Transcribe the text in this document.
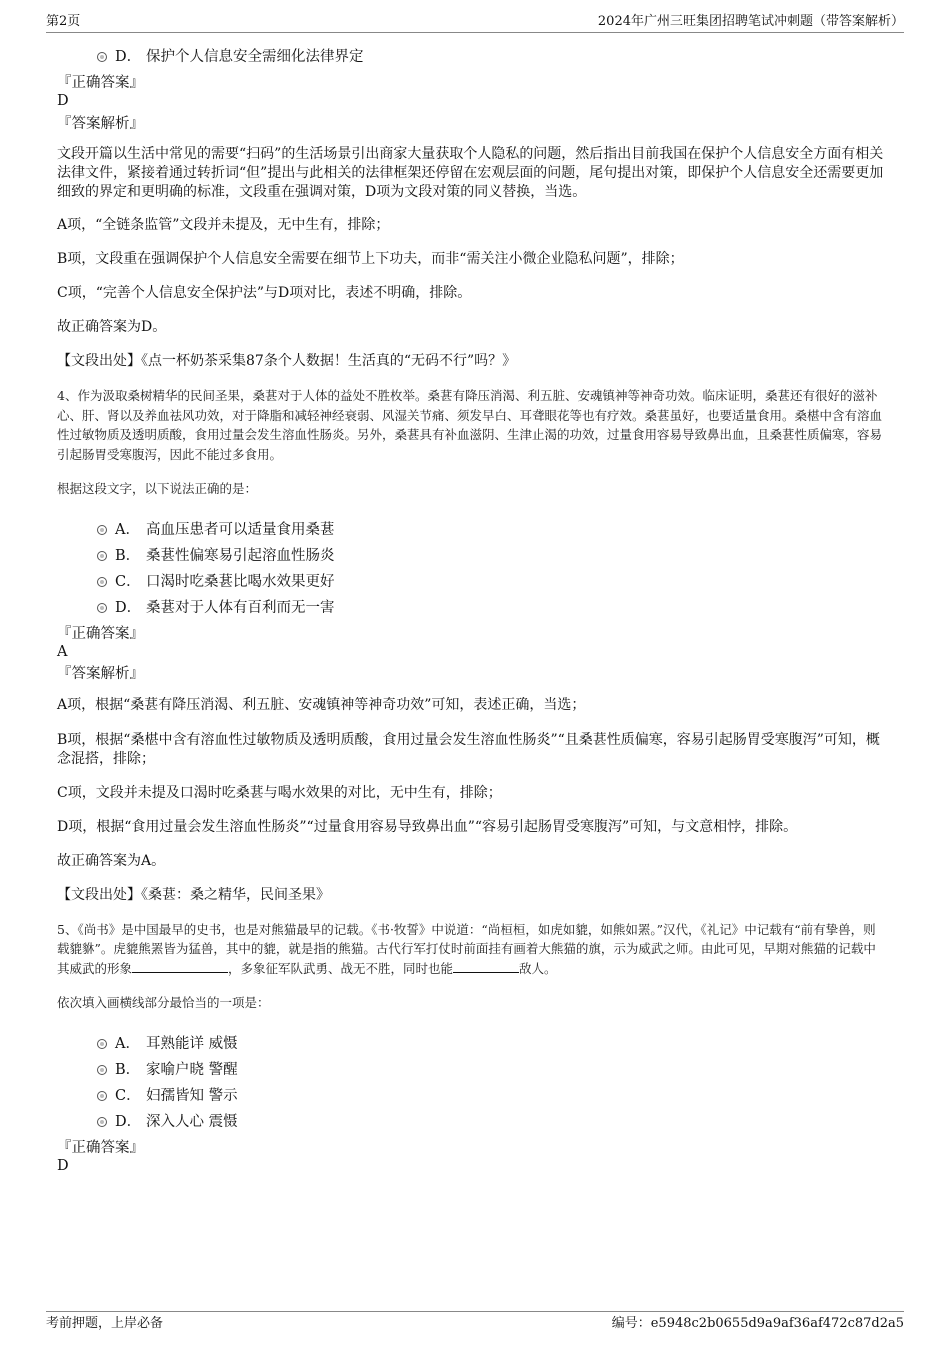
第2页	2024年广州三旺集团招聘笔试冲刺题（带答案解析）
D． 保护个人信息安全需细化法律界定

『正确答案』

D

『答案解析』

文段开篇以生活中常见的需要“扫码”的生活场景引出商家大量获取个人隐私的问题，然后指出目前我国在保护个人信息安全方面有相关法律文件，紧接着通过转折词“但”提出与此相关的法律框架还停留在宏观层面的问题，尾句提出对策，即保护个人信息安全还需要更加细致的界定和更明确的标准，文段重在强调对策，D项为文段对策的同义替换，当选。

A项，“全链条监管”文段并未提及，无中生有，排除；

B项，文段重在强调保护个人信息安全需要在细节上下功夫，而非“需关注小微企业隐私问题”，排除；

C项，“完善个人信息安全保护法”与D项对比，表述不明确，排除。

故正确答案为D。

【文段出处】《点一杯奶茶采集87条个人数据！生活真的“无码不行”吗？》

4、作为汲取桑树精华的民间圣果，桑葚对于人体的益处不胜枚举。桑葚有降压消渴、利五脏、安魂镇神等神奇功效。临床证明，桑葚还有很好的滋补心、肝、肾以及养血祛风功效，对于降脂和减轻神经衰弱、风湿关节痛、须发早白、耳聋眼花等也有疗效。桑葚虽好，也要适量食用。桑椹中含有溶血性过敏物质及透明质酸，食用过量会发生溶血性肠炎。另外，桑葚具有补血滋阴、生津止渴的功效，过量食用容易导致鼻出血，且桑葚性质偏寒，容易引起肠胃受寒腹泻，因此不能过多食用。

根据这段文字，以下说法正确的是：

A． 高血压患者可以适量食用桑葚
B． 桑葚性偏寒易引起溶血性肠炎
C． 口渴时吃桑葚比喝水效果更好
D． 桑葚对于人体有百利而无一害

『正确答案』

A

『答案解析』

A项，根据“桑葚有降压消渴、利五脏、安魂镇神等神奇功效”可知，表述正确，当选；

B项，根据“桑椹中含有溶血性过敏物质及透明质酸，食用过量会发生溶血性肠炎”“且桑葚性质偏寒，容易引起肠胃受寒腹泻”可知，概念混搭，排除；

C项，文段并未提及口渴时吃桑葚与喝水效果的对比，无中生有，排除；

D项，根据“食用过量会发生溶血性肠炎”“过量食用容易导致鼻出血”“容易引起肠胃受寒腹泻”可知，与文意相悖，排除。

故正确答案为A。

【文段出处】《桑葚：桑之精华，民间圣果》

5、《尚书》是中国最早的史书，也是对熊猫最早的记载。《书·牧誓》中说道：“尚桓桓，如虎如貔，如熊如罴。”汉代，《礼记》中记载有“前有挚兽，则载貔貅”。虎貔熊罴皆为猛兽，其中的貔，就是指的熊猫。古代行军打仗时前面挂有画着大熊猫的旗，示为威武之师。由此可见，早期对熊猫的记载中其威武的形象	，多象征军队武勇、战无不胜，同时也能	敌人。

依次填入画横线部分最恰当的一项是：

A． 耳熟能详 威慑
B． 家喻户晓 警醒
C． 妇孺皆知 警示
D． 深入人心 震慑

『正确答案』

D

考前押题，上岸必备	编号：e5948c2b0655d9a9af36af472c87d2a5
